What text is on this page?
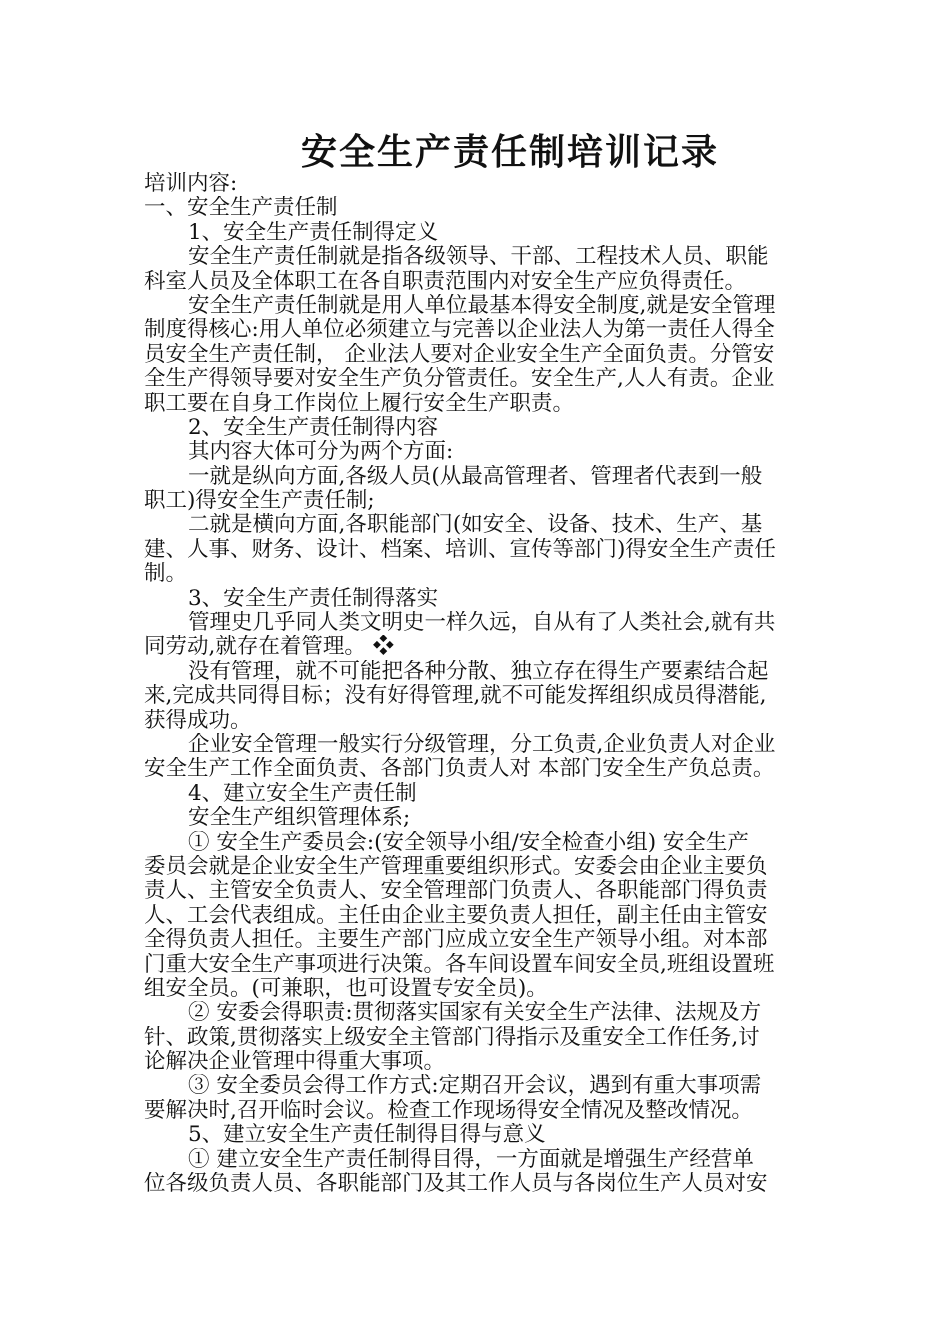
安全生产责任制培训记录
培训内容:
一、安全生产责任制
1、安全生产责任制得定义
安全生产责任制就是指各级领导、干部、工程技术人员、职能
科室人员及全体职工在各自职责范围内对安全生产应负得责任。
安全生产责任制就是用人单位最基本得安全制度,就是安全管理
制度得核心:用人单位必须建立与完善以企业法人为第一责任人得全
员安全生产责任制， 企业法人要对企业安全生产全面负责。分管安
全生产得领导要对安全生产负分管责任。安全生产,人人有责。企业
职工要在自身工作岗位上履行安全生产职责。
2、安全生产责任制得内容
其内容大体可分为两个方面:
一就是纵向方面,各级人员(从最高管理者、管理者代表到一般
职工)得安全生产责任制;
二就是横向方面,各职能部门(如安全、设备、技术、生产、基
建、人事、财务、设计、档案、培训、宣传等部门)得安全生产责任
制。
3、安全生产责任制得落实
管理史几乎同人类文明史一样久远，自从有了人类社会,就有共
同劳动,就存在着管理。 ❖
没有管理，就不可能把各种分散、独立存在得生产要素结合起
来,完成共同得目标；没有好得管理,就不可能发挥组织成员得潜能,
获得成功。
企业安全管理一般实行分级管理，分工负责,企业负责人对企业
安全生产工作全面负责、各部门负责人对 本部门安全生产负总责。
4、建立安全生产责任制
安全生产组织管理体系;
① 安全生产委员会:(安全领导小组/安全检查小组) 安全生产
委员会就是企业安全生产管理重要组织形式。安委会由企业主要负
责人、主管安全负责人、安全管理部门负责人、各职能部门得负责
人、工会代表组成。主任由企业主要负责人担任，副主任由主管安
全得负责人担任。主要生产部门应成立安全生产领导小组。对本部
门重大安全生产事项进行决策。各车间设置车间安全员,班组设置班
组安全员。(可兼职，也可设置专安全员)。
② 安委会得职责:贯彻落实国家有关安全生产法律、法规及方
针、政策,贯彻落实上级安全主管部门得指示及重安全工作任务,讨
论解决企业管理中得重大事项。
③ 安全委员会得工作方式:定期召开会议，遇到有重大事项需
要解决时,召开临时会议。检查工作现场得安全情况及整改情况。
5、建立安全生产责任制得目得与意义
① 建立安全生产责任制得目得，一方面就是增强生产经营单
位各级负责人员、各职能部门及其工作人员与各岗位生产人员对安
